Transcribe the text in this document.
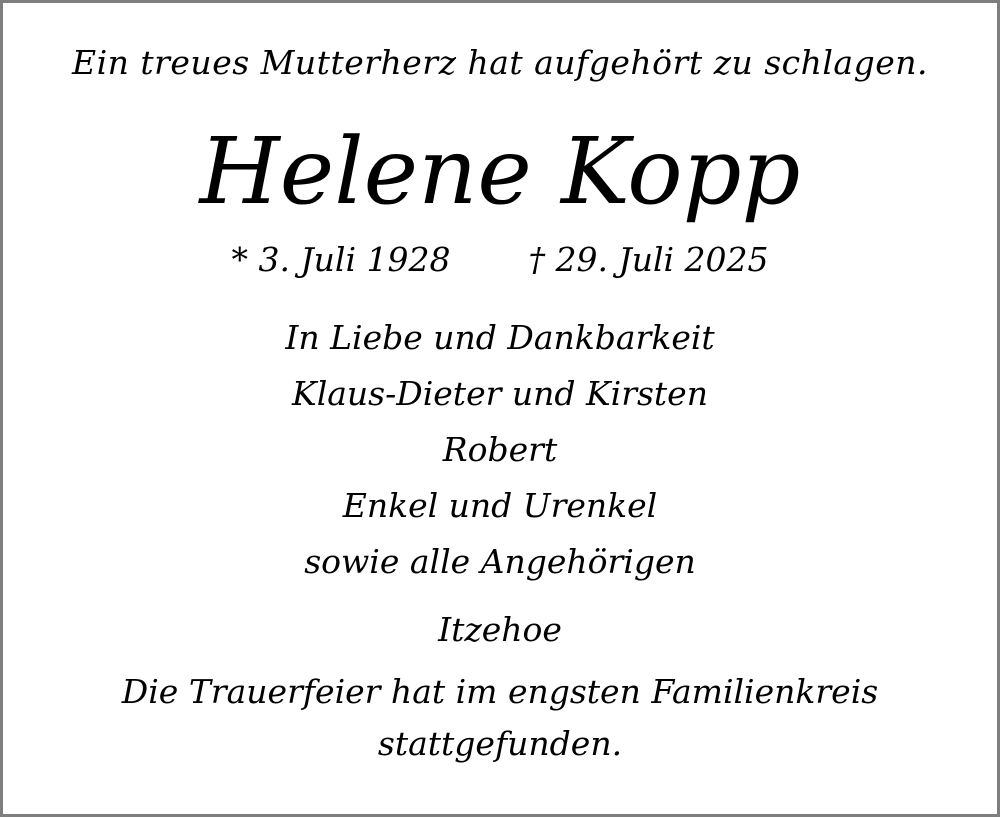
Ein treues Mutterherz hat aufgehört zu schlagen.
Helene Kopp
* 3. Juli 1928 † 29. Juli 2025
In Liebe und Dankbarkeit
Klaus-Dieter und Kirsten
Robert
Enkel und Urenkel
sowie alle Angehörigen
Itzehoe
Die Trauerfeier hat im engsten Familienkreis
stattgefunden.
